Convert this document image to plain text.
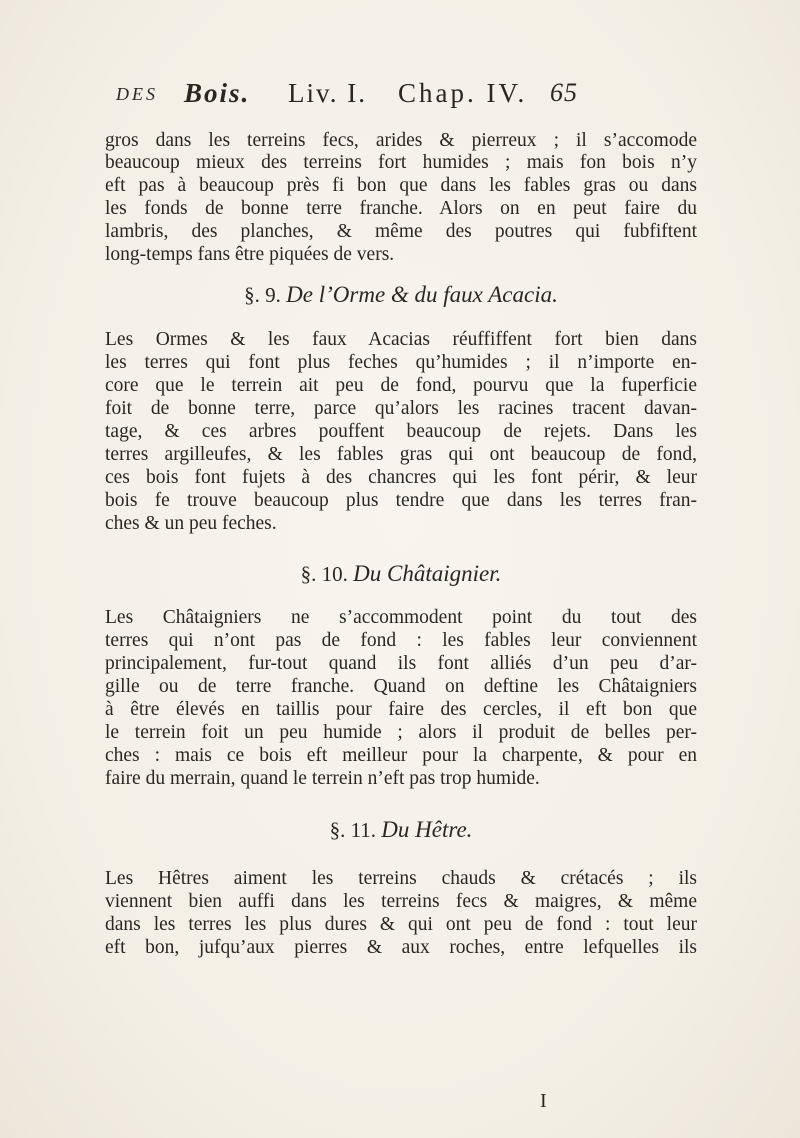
DES Bois. Liv. I. Chap. IV. 65
gros dans les terreins fecs, arides & pierreux ; il s’accomode
beaucoup mieux des terreins fort humides ; mais fon bois n’y
eft pas à beaucoup près fi bon que dans les fables gras ou dans
les fonds de bonne terre franche. Alors on en peut faire du
lambris, des planches, & même des poutres qui fubfiftent
long-temps fans être piquées de vers.
§. 9. De l’Orme & du faux Acacia.
Les Ormes & les faux Acacias réuffiffent fort bien dans
les terres qui font plus feches qu’humides ; il n’importe en-
core que le terrein ait peu de fond, pourvu que la fuperficie
foit de bonne terre, parce qu’alors les racines tracent davan-
tage, & ces arbres pouffent beaucoup de rejets. Dans les
terres argilleufes, & les fables gras qui ont beaucoup de fond,
ces bois font fujets à des chancres qui les font périr, & leur
bois fe trouve beaucoup plus tendre que dans les terres fran-
ches & un peu feches.
§. 10. Du Châtaignier.
Les Châtaigniers ne s’accommodent point du tout des
terres qui n’ont pas de fond : les fables leur conviennent
principalement, fur-tout quand ils font alliés d’un peu d’ar-
gille ou de terre franche. Quand on deftine les Châtaigniers
à être élevés en taillis pour faire des cercles, il eft bon que
le terrein foit un peu humide ; alors il produit de belles per-
ches : mais ce bois eft meilleur pour la charpente, & pour en
faire du merrain, quand le terrein n’eft pas trop humide.
§. 11. Du Hêtre.
Les Hêtres aiment les terreins chauds & crétacés ; ils
viennent bien auffi dans les terreins fecs & maigres, & même
dans les terres les plus dures & qui ont peu de fond : tout leur
eft bon, jufqu’aux pierres & aux roches, entre lefquelles ils
I
